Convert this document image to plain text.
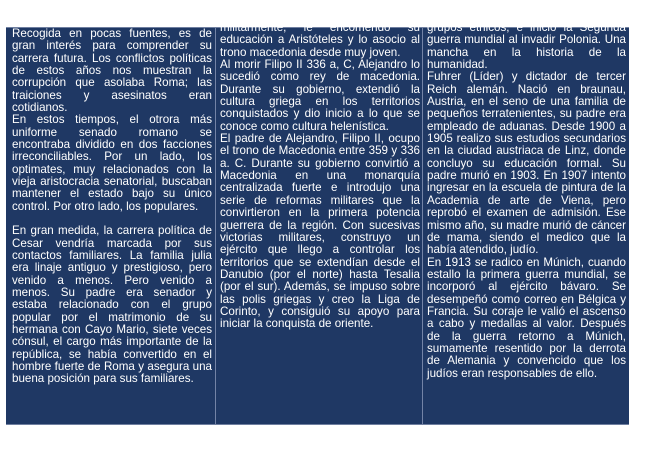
Recogida en pocas fuentes, es de gran interés para comprender su carrera futura. Los conflictos políticas de estos años nos muestran la corrupción que asolaba Roma; las traiciones y asesinatos eran cotidianos.

En estos tiempos, el otrora más uniforme senado romano se encontraba dividido en dos facciones irreconciliables. Por un lado, los optimates, muy relacionados con la vieja aristocracia senatorial, buscaban mantener el estado bajo su único control. Por otro lado, los populares.

En gran medida, la carrera política de Cesar vendría marcada por sus contactos familiares. La familia julia era linaje antiguo y prestigioso, pero venido a menos. Pero venido a menos. Su padre era senador y estaba relacionado con el grupo popular por el matrimonio de su hermana con Cayo Mario, siete veces cónsul, el cargo más importante de la república, se había convertido en el hombre fuerte de Roma y asegura una buena posición para sus familiares.

militarmente, le encomendó su educación a Aristóteles y lo asocio al trono macedonia desde muy joven.

Al morir Filipo II 336 a, C, Alejandro lo sucedió como rey de macedonia. Durante su gobierno, extendió la cultura griega en los territorios conquistados y dio inicio a lo que se conoce como cultura helenística.

El padre de Alejandro, Filipo II, ocupo el trono de Macedonia entre 359 y 336 a. C. Durante su gobierno convirtió a Macedonia en una monarquía centralizada fuerte e introdujo una serie de reformas militares que la convirtieron en la primera potencia guerrera de la región. Con sucesivas victorias militares, construyo un ejército que llego a controlar los territorios que se extendían desde el Danubio (por el norte) hasta Tesalia (por el sur). Además, se impuso sobre las polis griegas y creo la Liga de Corinto, y consiguió su apoyo para iniciar la conquista de oriente.

grupos étnicos, e inicio la Segunda guerra mundial al invadir Polonia. Una mancha en la historia de la humanidad.

Fuhrer (Líder) y dictador de tercer Reich alemán. Nació en braunau, Austria, en el seno de una familia de pequeños terratenientes, su padre era empleado de aduanas. Desde 1900 a 1905 realizo sus estudios secundarios en la ciudad austriaca de Linz, donde concluyo su educación formal. Su padre murió en 1903. En 1907 intento ingresar en la escuela de pintura de la Academia de arte de Viena, pero reprobó el examen de admisión. Ese mismo año, su madre murió de cáncer de mama, siendo el medico que la había atendido, judío.

En 1913 se radico en Múnich, cuando estallo la primera guerra mundial, se incorporó al ejército bávaro. Se desempeñó como correo en Bélgica y Francia. Su coraje le valió el ascenso a cabo y medallas al valor. Después de la guerra retorno a Múnich, sumamente resentido por la derrota de Alemania y convencido que los judíos eran responsables de ello.
